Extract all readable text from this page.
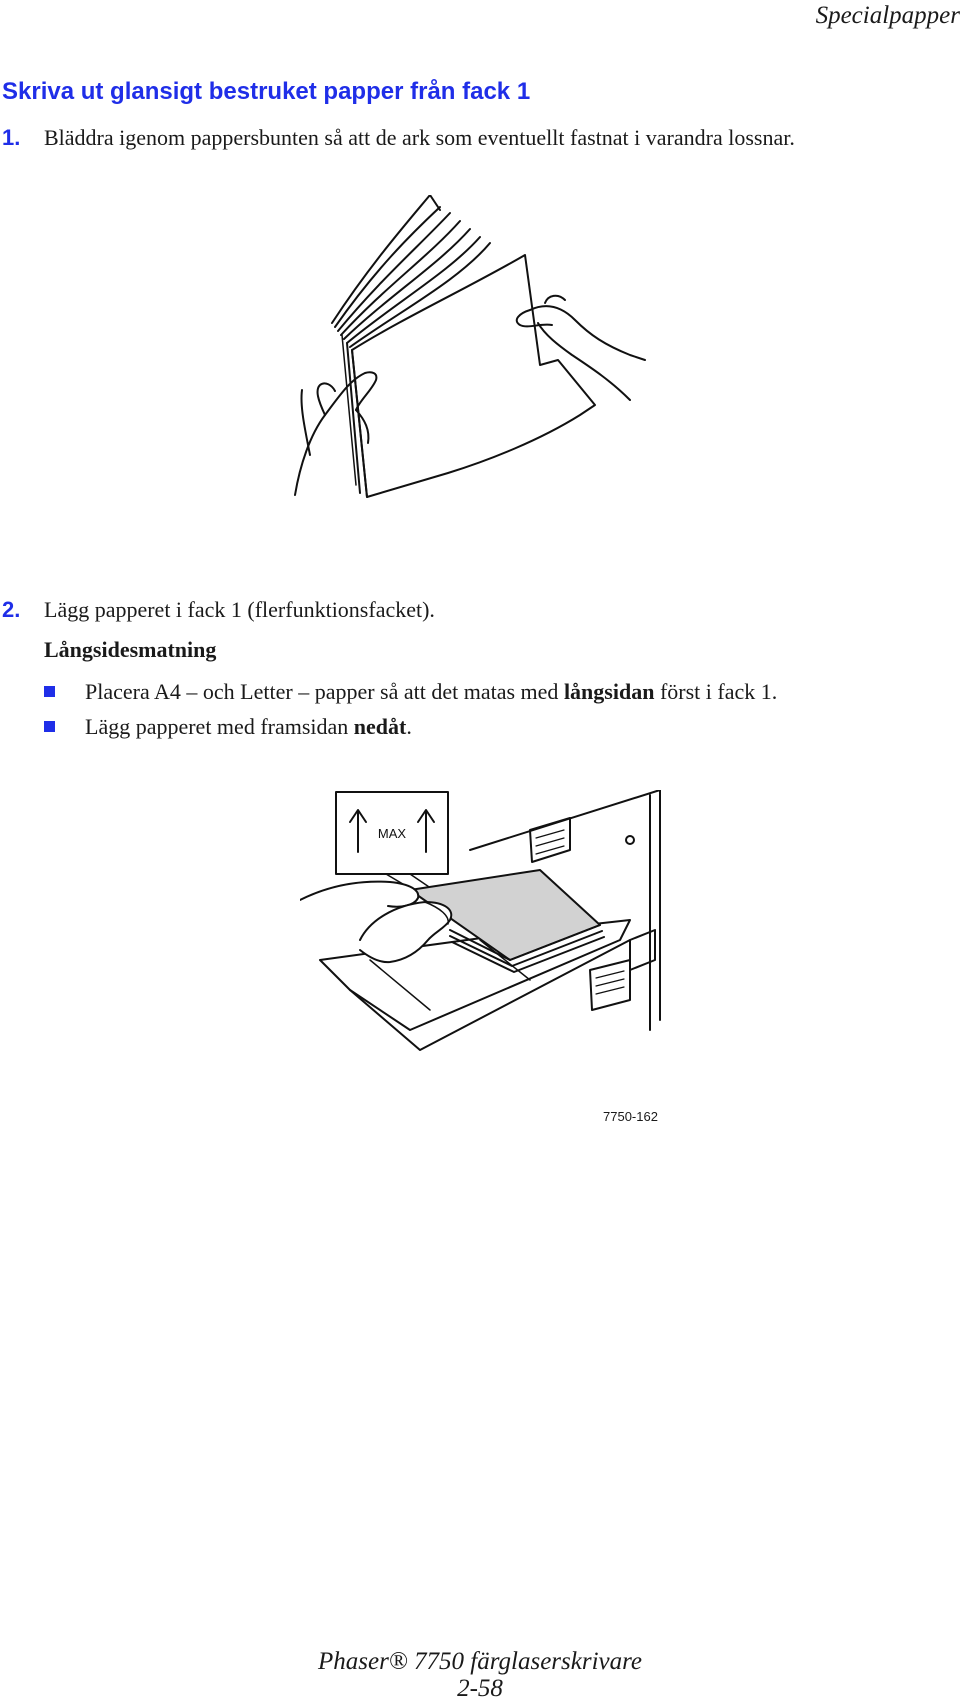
Specialpapper
Skriva ut glansigt bestruket papper från fack 1
1. Bläddra igenom pappersbunten så att de ark som eventuellt fastnat i varandra lossnar.
2. Lägg papperet i fack 1 (flerfunktionsfacket).
Långsidesmatning
Placera A4 – och Letter – papper så att det matas med långsidan först i fack 1.
Lägg papperet med framsidan nedåt.
MAX
7750-162
Phaser® 7750 färglaserskrivare
2-58
